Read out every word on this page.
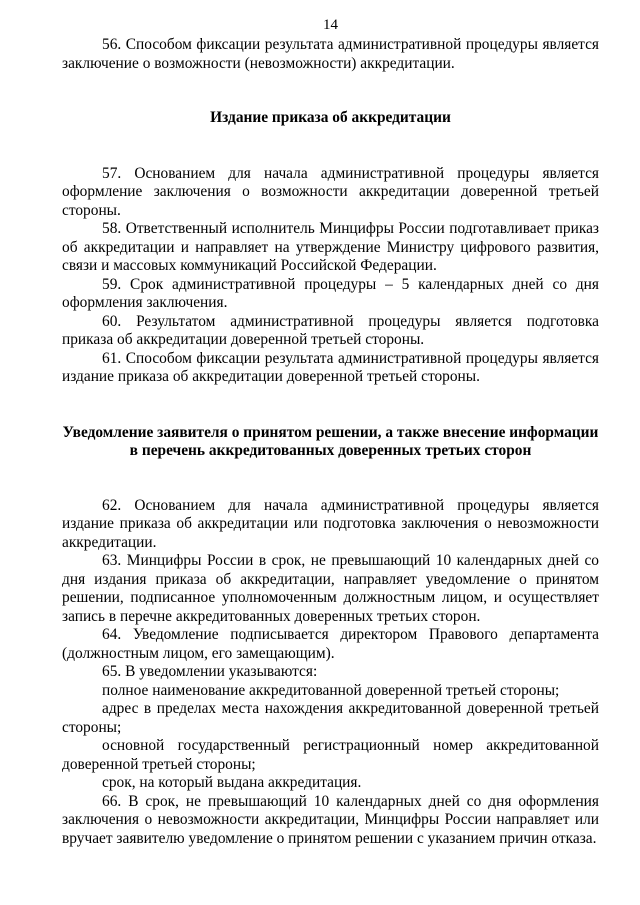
14

56. Способом фиксации результата административной процедуры является заключение о возможности (невозможности) аккредитации.

Издание приказа об аккредитации

57. Основанием для начала административной процедуры является оформление заключения о возможности аккредитации доверенной третьей стороны.

58. Ответственный исполнитель Минцифры России подготавливает приказ об аккредитации и направляет на утверждение Министру цифрового развития, связи и массовых коммуникаций Российской Федерации.

59. Срок административной процедуры – 5 календарных дней со дня оформления заключения.

60. Результатом административной процедуры является подготовка приказа об аккредитации доверенной третьей стороны.

61. Способом фиксации результата административной процедуры является издание приказа об аккредитации доверенной третьей стороны.

Уведомление заявителя о принятом решении, а также внесение информации
в перечень аккредитованных доверенных третьих сторон

62. Основанием для начала административной процедуры является издание приказа об аккредитации или подготовка заключения о невозможности аккредитации.

63. Минцифры России в срок, не превышающий 10 календарных дней со дня издания приказа об аккредитации, направляет уведомление о принятом решении, подписанное уполномоченным должностным лицом, и осуществляет запись в перечне аккредитованных доверенных третьих сторон.

64. Уведомление подписывается директором Правового департамента (должностным лицом, его замещающим).

65. В уведомлении указываются:

полное наименование аккредитованной доверенной третьей стороны;

адрес в пределах места нахождения аккредитованной доверенной третьей стороны;

основной государственный регистрационный номер аккредитованной доверенной третьей стороны;

срок, на который выдана аккредитация.

66. В срок, не превышающий 10 календарных дней со дня оформления заключения о невозможности аккредитации, Минцифры России направляет или вручает заявителю уведомление о принятом решении с указанием причин отказа.
